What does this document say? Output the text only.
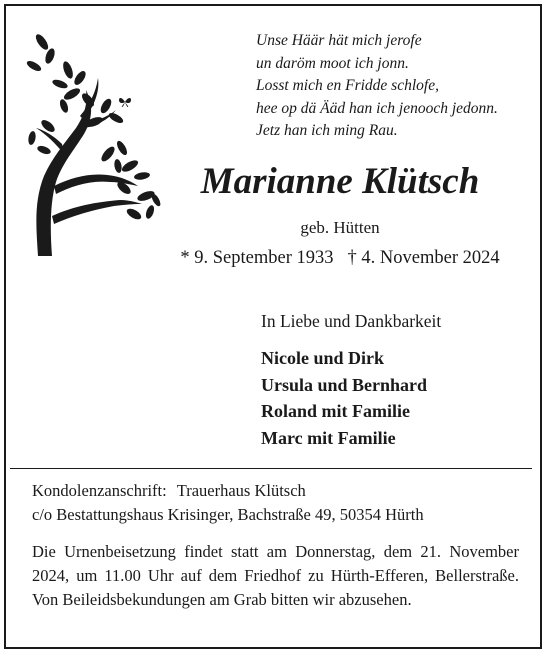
Unse Häär hät mich jerofe
un daröm moot ich jonn.
Losst mich en Fridde schlofe,
hee op dä Ääd han ich jenooch jedonn.
Jetz han ich ming Rau.
Marianne Klütsch
geb. Hütten
* 9. September 1933 † 4. November 2024
In Liebe und Dankbarkeit
Nicole und Dirk
Ursula und Bernhard
Roland mit Familie
Marc mit Familie
Kondolenzanschrift: Trauerhaus Klütsch
c/o Bestattungshaus Krisinger, Bachstraße 49, 50354 Hürth
Die Urnenbeisetzung findet statt am Donnerstag, dem 21. November 2024, um 11.00 Uhr auf dem Friedhof zu Hürth-Efferen, Bellerstraße. Von Beileidsbekundungen am Grab bitten wir abzusehen.
